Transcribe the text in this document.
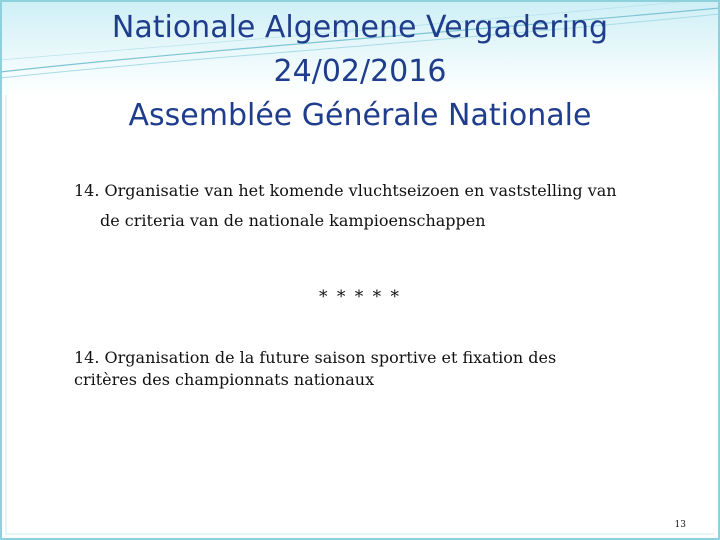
Nationale Algemene Vergadering
24/02/2016
Assemblée Générale Nationale
14. Organisatie van het komende vluchtseizoen en vaststelling van
de criteria van de nationale kampioenschappen
* * * * *
14. Organisation de la future saison sportive et fixation des
critères des championnats nationaux
13
